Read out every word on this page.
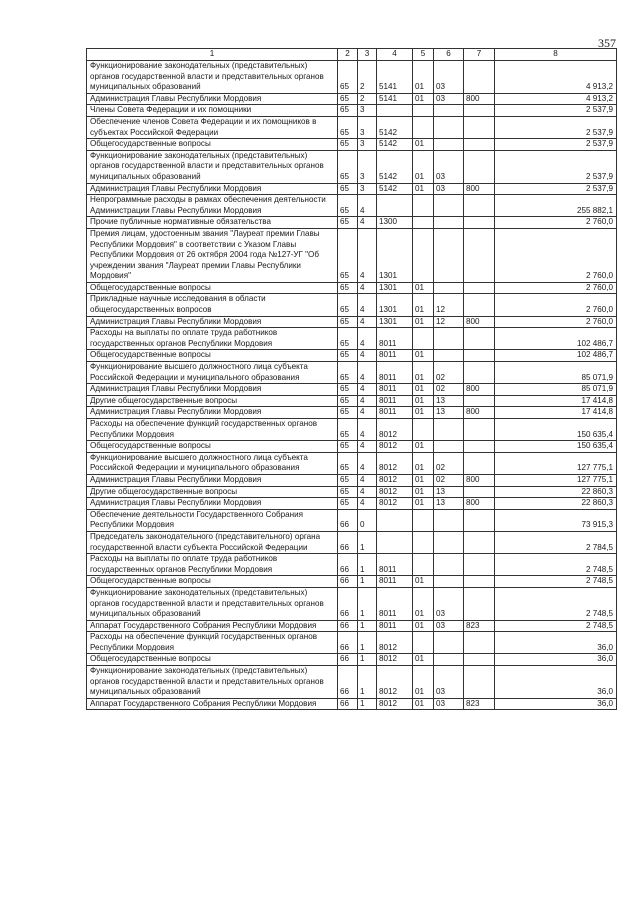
357
1	2	3	4	5	6	7	8
Функционирование законодательных (представительных) органов государственной власти и представительных органов муниципальных образований	65	2	5141	01	03		4 913,2
Администрация Главы Республики Мордовия	65	2	5141	01	03	800	4 913,2
Члены Совета Федерации и их помощники	65	3					2 537,9
Обеспечение членов Совета Федерации и их помощников в субъектах Российской Федерации	65	3	5142				2 537,9
Общегосударственные вопросы	65	3	5142	01			2 537,9
Функционирование законодательных (представительных) органов государственной власти и представительных органов муниципальных образований	65	3	5142	01	03		2 537,9
Администрация Главы Республики Мордовия	65	3	5142	01	03	800	2 537,9
Непрограммные расходы в рамках обеспечения деятельности Администрации Главы Республики Мордовия	65	4					255 882,1
Прочие публичные нормативные обязательства	65	4	1300				2 760,0
Премия лицам, удостоенным звания "Лауреат премии Главы Республики Мордовия" в соответствии с Указом Главы Республики Мордовия от 26 октября 2004 года №127-УГ "Об учреждении звания "Лауреат премии Главы Республики Мордовия"	65	4	1301				2 760,0
Общегосударственные вопросы	65	4	1301	01			2 760,0
Прикладные научные исследования в области общегосударственных вопросов	65	4	1301	01	12		2 760,0
Администрация Главы Республики Мордовия	65	4	1301	01	12	800	2 760,0
Расходы на выплаты по оплате труда работников государственных органов Республики Мордовия	65	4	8011				102 486,7
Общегосударственные вопросы	65	4	8011	01			102 486,7
Функционирование высшего должностного лица субъекта Российской Федерации и муниципального образования	65	4	8011	01	02		85 071,9
Администрация Главы Республики Мордовия	65	4	8011	01	02	800	85 071,9
Другие общегосударственные вопросы	65	4	8011	01	13		17 414,8
Администрация Главы Республики Мордовия	65	4	8011	01	13	800	17 414,8
Расходы на обеспечение функций государственных органов Республики Мордовия	65	4	8012				150 635,4
Общегосударственные вопросы	65	4	8012	01			150 635,4
Функционирование высшего должностного лица субъекта Российской Федерации и муниципального образования	65	4	8012	01	02		127 775,1
Администрация Главы Республики Мордовия	65	4	8012	01	02	800	127 775,1
Другие общегосударственные вопросы	65	4	8012	01	13		22 860,3
Администрация Главы Республики Мордовия	65	4	8012	01	13	800	22 860,3
Обеспечение деятельности Государственного Собрания Республики Мордовия	66	0					73 915,3
Председатель законодательного (представительного) органа государственной власти субъекта Российской Федерации	66	1					2 784,5
Расходы на выплаты по оплате труда работников государственных органов Республики Мордовия	66	1	8011				2 748,5
Общегосударственные вопросы	66	1	8011	01			2 748,5
Функционирование законодательных (представительных) органов государственной власти и представительных органов муниципальных образований	66	1	8011	01	03		2 748,5
Аппарат Государственного Собрания Республики Мордовия	66	1	8011	01	03	823	2 748,5
Расходы на обеспечение функций государственных органов Республики Мордовия	66	1	8012				36,0
Общегосударственные вопросы	66	1	8012	01			36,0
Функционирование законодательных (представительных) органов государственной власти и представительных органов муниципальных образований	66	1	8012	01	03		36,0
Аппарат Государственного Собрания Республики Мордовия	66	1	8012	01	03	823	36,0
